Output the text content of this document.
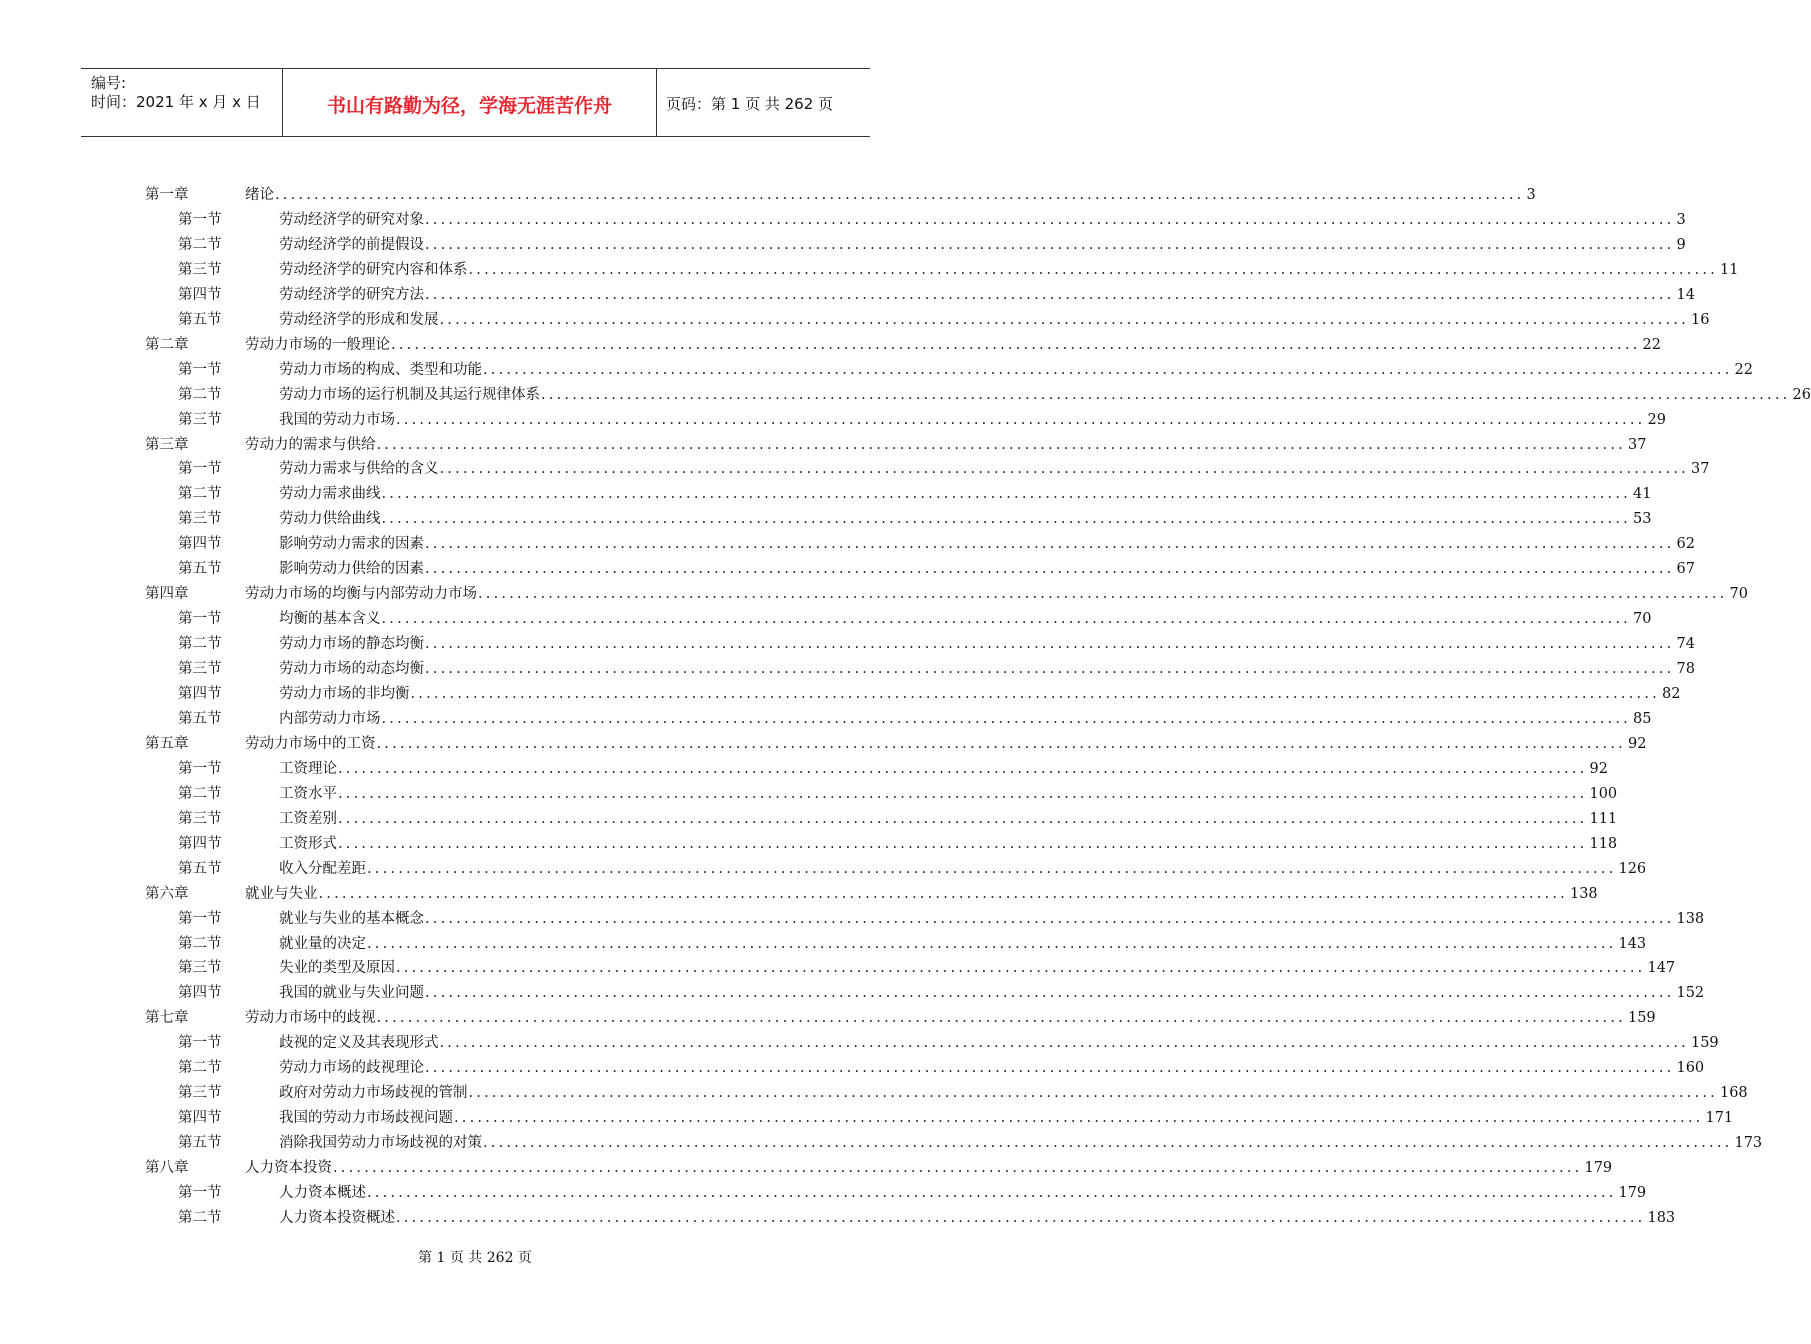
编号:
时间：2021 年 x 月 x 日	书山有路勤为径，学海无涯苦作舟	页码：第 1 页 共 262 页
第一章	绪论 ................................................................................................................................................................ 3
第一节	劳动经济学的研究对象 ................................................................................................................................................................ 3
第二节	劳动经济学的前提假设 ................................................................................................................................................................ 9
第三节	劳动经济学的研究内容和体系 ................................................................................................................................................................ 11
第四节	劳动经济学的研究方法 ................................................................................................................................................................ 14
第五节	劳动经济学的形成和发展 ................................................................................................................................................................ 16
第二章	劳动力市场的一般理论 ................................................................................................................................................................ 22
第一节	劳动力市场的构成、类型和功能 ................................................................................................................................................................ 22
第二节	劳动力市场的运行机制及其运行规律体系 ................................................................................................................................................................ 26
第三节	我国的劳动力市场 ................................................................................................................................................................ 29
第三章	劳动力的需求与供给 ................................................................................................................................................................ 37
第一节	劳动力需求与供给的含义 ................................................................................................................................................................ 37
第二节	劳动力需求曲线 ................................................................................................................................................................ 41
第三节	劳动力供给曲线 ................................................................................................................................................................ 53
第四节	影响劳动力需求的因素 ................................................................................................................................................................ 62
第五节	影响劳动力供给的因素 ................................................................................................................................................................ 67
第四章	劳动力市场的均衡与内部劳动力市场 ................................................................................................................................................................ 70
第一节	均衡的基本含义 ................................................................................................................................................................ 70
第二节	劳动力市场的静态均衡 ................................................................................................................................................................ 74
第三节	劳动力市场的动态均衡 ................................................................................................................................................................ 78
第四节	劳动力市场的非均衡 ................................................................................................................................................................ 82
第五节	内部劳动力市场 ................................................................................................................................................................ 85
第五章	劳动力市场中的工资 ................................................................................................................................................................ 92
第一节	工资理论 ................................................................................................................................................................ 92
第二节	工资水平 ................................................................................................................................................................ 100
第三节	工资差别 ................................................................................................................................................................ 111
第四节	工资形式 ................................................................................................................................................................ 118
第五节	收入分配差距 ................................................................................................................................................................ 126
第六章	就业与失业 ................................................................................................................................................................ 138
第一节	就业与失业的基本概念 ................................................................................................................................................................ 138
第二节	就业量的决定 ................................................................................................................................................................ 143
第三节	失业的类型及原因 ................................................................................................................................................................ 147
第四节	我国的就业与失业问题 ................................................................................................................................................................ 152
第七章	劳动力市场中的歧视 ................................................................................................................................................................ 159
第一节	歧视的定义及其表现形式 ................................................................................................................................................................ 159
第二节	劳动力市场的歧视理论 ................................................................................................................................................................ 160
第三节	政府对劳动力市场歧视的管制 ................................................................................................................................................................ 168
第四节	我国的劳动力市场歧视问题 ................................................................................................................................................................ 171
第五节	消除我国劳动力市场歧视的对策 ................................................................................................................................................................ 173
第八章	人力资本投资 ................................................................................................................................................................ 179
第一节	人力资本概述 ................................................................................................................................................................ 179
第二节	人力资本投资概述 ................................................................................................................................................................ 183
第 1 页 共 262 页
